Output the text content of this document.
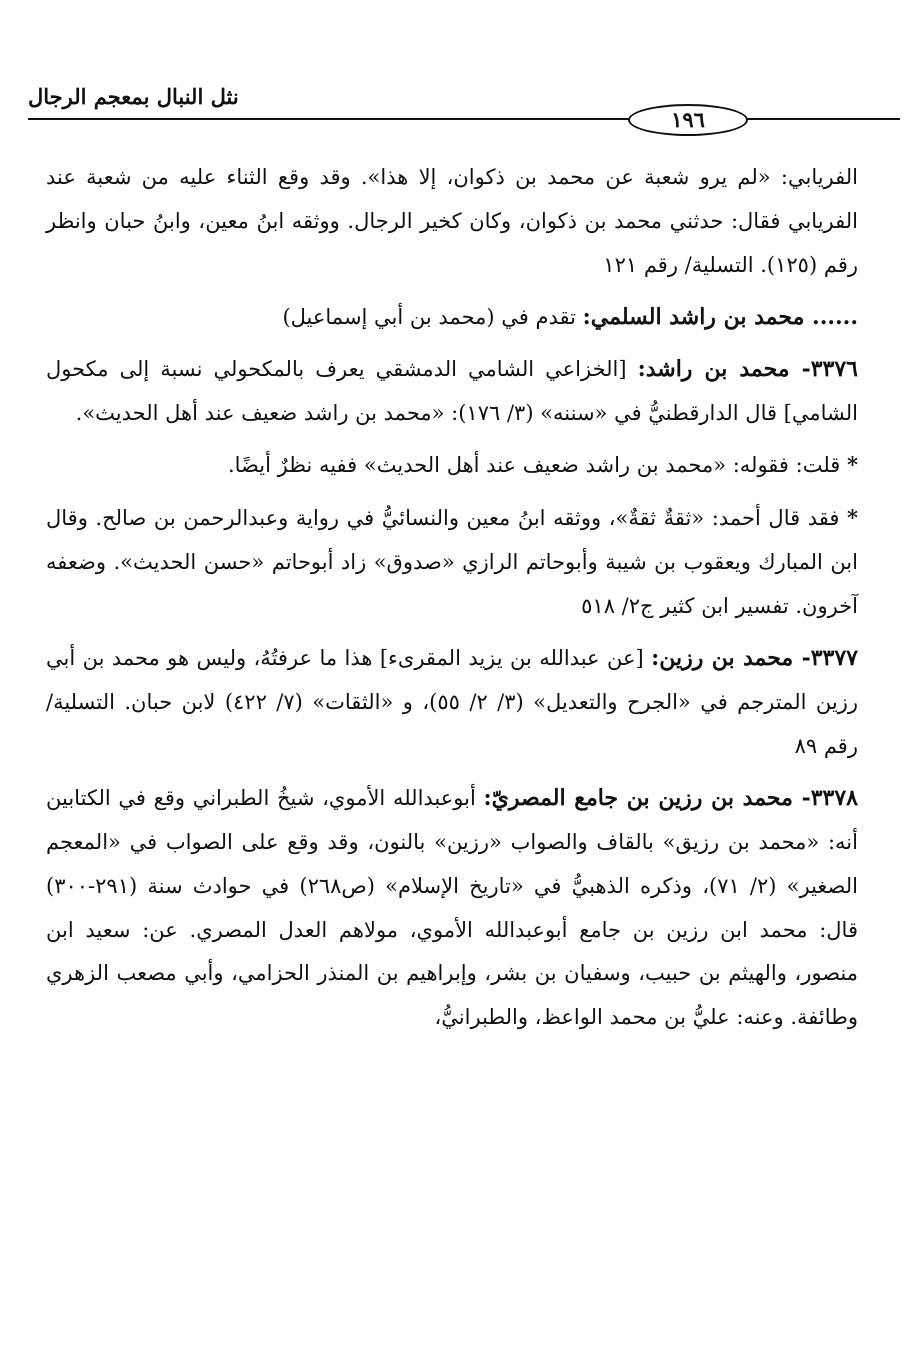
نثل النبال بمعجم الرجال
١٩٦

الفريابي: «لم يرو شعبة عن محمد بن ذكوان، إلا هذا». وقد وقع الثناء عليه من شعبة عند الفريابي فقال: حدثني محمد بن ذكوان، وكان كخير الرجال. ووثقه ابنُ معين، وابنُ حبان وانظر رقم (١٢٥). التسلية/ رقم ١٢١

...... محمد بن راشد السلمي: تقدم في (محمد بن أبي إسماعيل)

٣٣٧٦- محمد بن راشد: [الخزاعي الشامي الدمشقي يعرف بالمكحولي نسبة إلى مكحول الشامي] قال الدارقطنيُّ في «سننه» (٣/ ١٧٦): «محمد بن راشد ضعيف عند أهل الحديث».

* قلت: فقوله: «محمد بن راشد ضعيف عند أهل الحديث» ففيه نظرٌ أيضًا.

* فقد قال أحمد: «ثقةٌ ثقةٌ»، ووثقه ابنُ معين والنسائيُّ في رواية وعبدالرحمن بن صالح. وقال ابن المبارك ويعقوب بن شيبة وأبوحاتم الرازي «صدوق» زاد أبوحاتم «حسن الحديث». وضعفه آخرون. تفسير ابن كثير ج٢/ ٥١٨

٣٣٧٧- محمد بن رزين: [عن عبدالله بن يزيد المقرىء] هذا ما عرفتُهُ، وليس هو محمد بن أبي رزين المترجم في «الجرح والتعديل» (٣/ ٢/ ٥٥)، و «الثقات» (٧/ ٤٢٢) لابن حبان. التسلية/ رقم ٨٩

٣٣٧٨- محمد بن رزين بن جامع المصريّ: أبوعبدالله الأموي، شيخُ الطبراني وقع في الكتابين أنه: «محمد بن رزيق» بالقاف والصواب «رزين» بالنون، وقد وقع على الصواب في «المعجم الصغير» (٢/ ٧١)، وذكره الذهبيُّ في «تاريخ الإسلام» (ص٢٦٨) في حوادث سنة (٢٩١-٣٠٠) قال: محمد ابن رزين بن جامع أبوعبدالله الأموي، مولاهم العدل المصري. عن: سعيد ابن منصور، والهيثم بن حبيب، وسفيان بن بشر، وإبراهيم بن المنذر الحزامي، وأبي مصعب الزهري وطائفة. وعنه: عليُّ بن محمد الواعظ، والطبرانيُّ،
